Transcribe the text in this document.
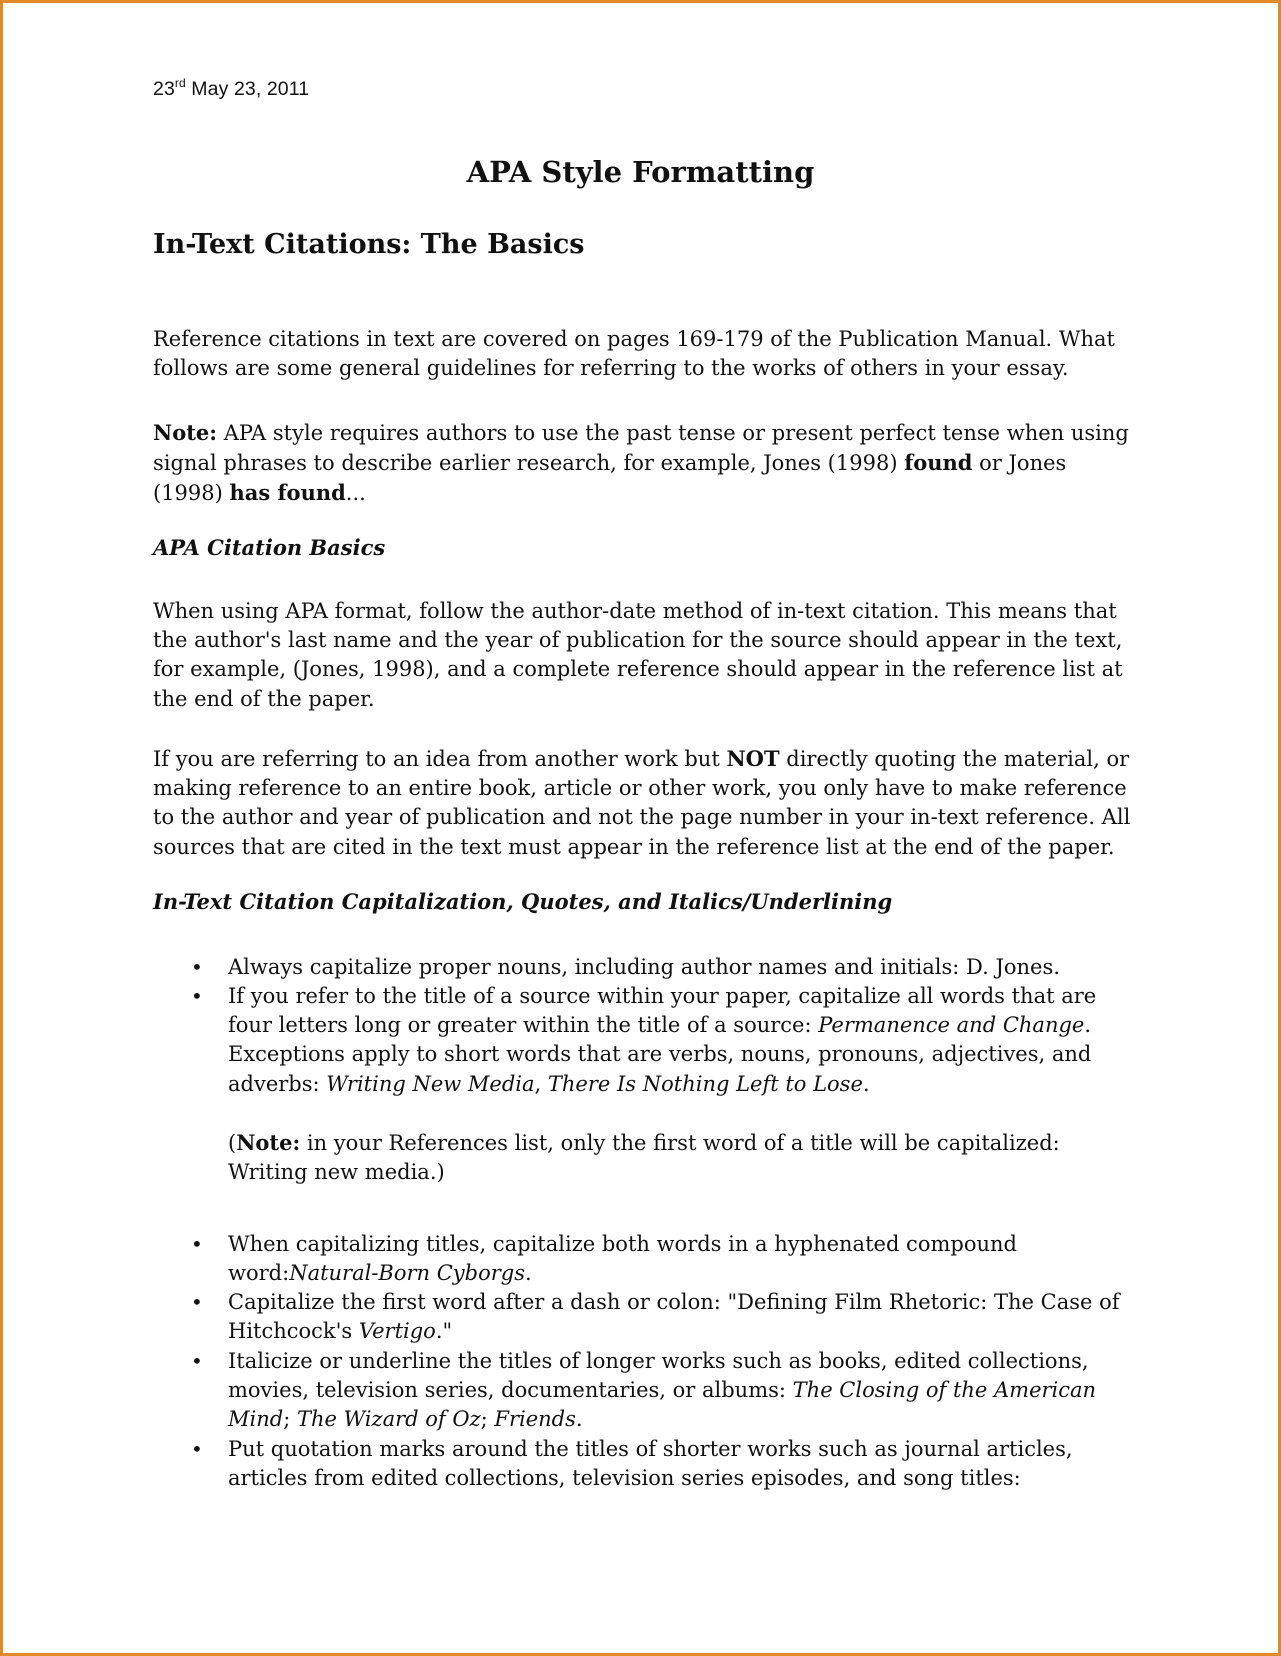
23rd May 23, 2011
APA Style Formatting
In-Text Citations: The Basics

Reference citations in text are covered on pages 169-179 of the Publication Manual. What
follows are some general guidelines for referring to the works of others in your essay.

Note: APA style requires authors to use the past tense or present perfect tense when using
signal phrases to describe earlier research, for example, Jones (1998) found or Jones
(1998) has found...

APA Citation Basics

When using APA format, follow the author-date method of in-text citation. This means that
the author's last name and the year of publication for the source should appear in the text,
for example, (Jones, 1998), and a complete reference should appear in the reference list at
the end of the paper.

If you are referring to an idea from another work but NOT directly quoting the material, or
making reference to an entire book, article or other work, you only have to make reference
to the author and year of publication and not the page number in your in-text reference. All
sources that are cited in the text must appear in the reference list at the end of the paper.

In-Text Citation Capitalization, Quotes, and Italics/Underlining
• Always capitalize proper nouns, including author names and initials: D. Jones.
• If you refer to the title of a source within your paper, capitalize all words that are
four letters long or greater within the title of a source: Permanence and Change.
Exceptions apply to short words that are verbs, nouns, pronouns, adjectives, and
adverbs: Writing New Media, There Is Nothing Left to Lose.
(Note: in your References list, only the first word of a title will be capitalized:
Writing new media.)
• When capitalizing titles, capitalize both words in a hyphenated compound
word:Natural-Born Cyborgs.
• Capitalize the first word after a dash or colon: "Defining Film Rhetoric: The Case of
Hitchcock's Vertigo."
• Italicize or underline the titles of longer works such as books, edited collections,
movies, television series, documentaries, or albums: The Closing of the American
Mind; The Wizard of Oz; Friends.
• Put quotation marks around the titles of shorter works such as journal articles,
articles from edited collections, television series episodes, and song titles:
